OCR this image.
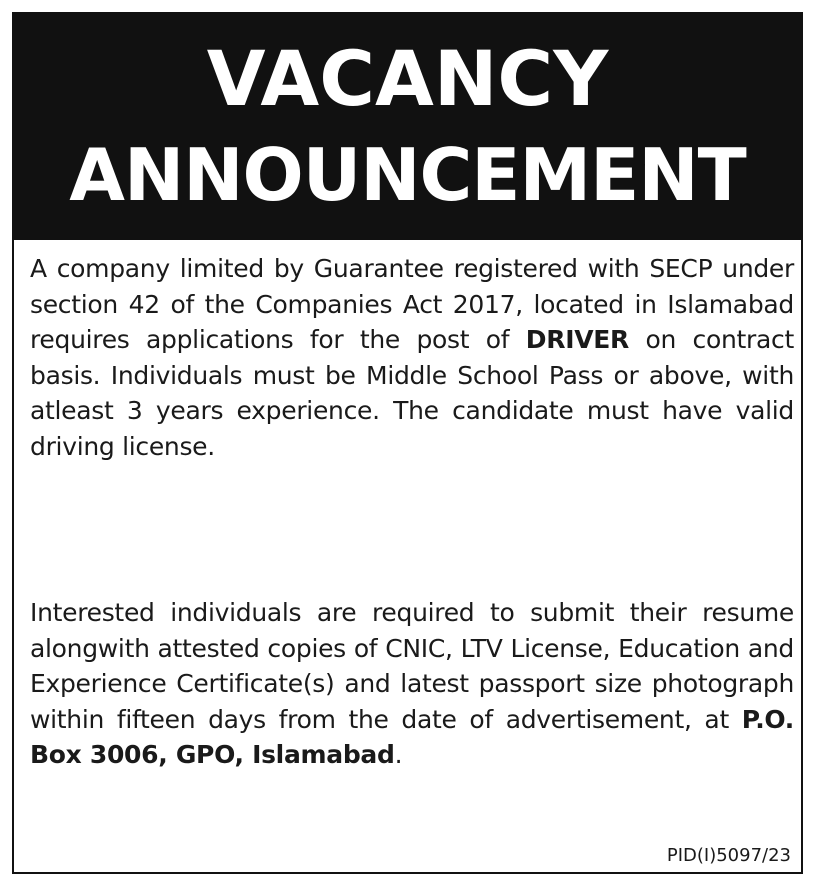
VACANCY
ANNOUNCEMENT

A company limited by Guarantee registered with SECP under section 42 of the Companies Act 2017, located in Islamabad requires applications for the post of DRIVER on contract basis. Individuals must be Middle School Pass or above, with atleast 3 years experience. The candidate must have valid driving license.

Interested individuals are required to submit their resume alongwith attested copies of CNIC, LTV License, Education and Experience Certificate(s) and latest passport size photograph within fifteen days from the date of advertisement, at P.O. Box 3006, GPO, Islamabad.

PID(I)5097/23
